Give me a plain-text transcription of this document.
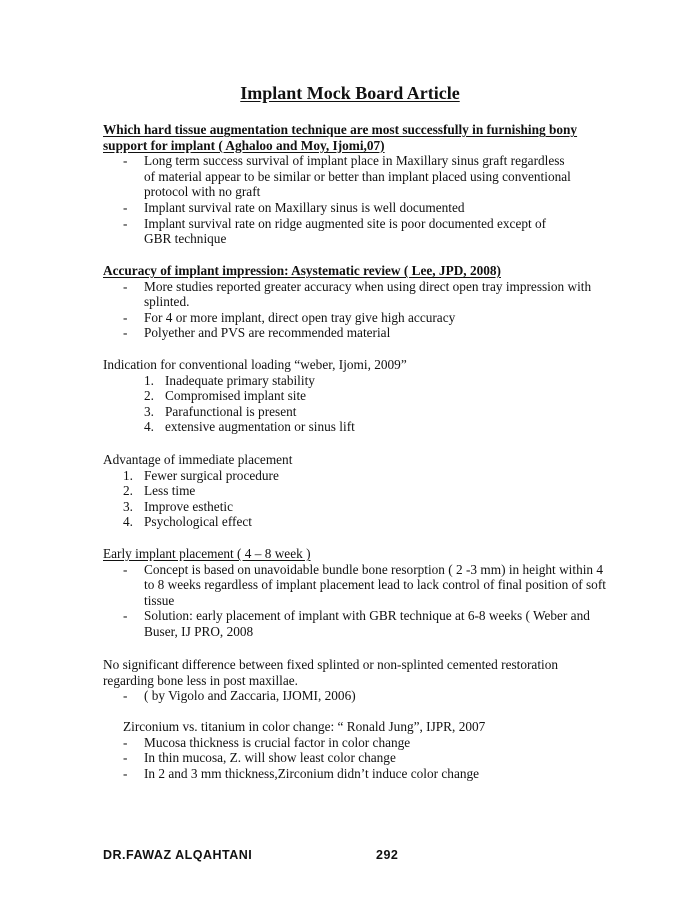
Implant Mock Board Article
Which hard tissue augmentation technique are most successfully in furnishing bony
support for implant ( Aghaloo and Moy, Ijomi,07)
- Long term success survival of implant place in Maxillary sinus graft regardless of material appear to be similar or better than implant placed using conventional protocol with no graft
- Implant survival rate on Maxillary sinus is well documented
- Implant survival rate on ridge augmented site is poor documented except of GBR technique
Accuracy of implant impression: Asystematic review ( Lee, JPD, 2008)
- More studies reported greater accuracy when using direct open tray impression with splinted.
- For 4 or more implant, direct open tray give high accuracy
- Polyether and PVS are recommended material
Indication for conventional loading “weber, Ijomi, 2009”
1. Inadequate primary stability
2. Compromised implant site
3. Parafunctional is present
4. extensive augmentation or sinus lift
Advantage of immediate placement
1. Fewer surgical procedure
2. Less time
3. Improve esthetic
4. Psychological effect
Early implant placement ( 4 – 8 week )
- Concept is based on unavoidable bundle bone resorption ( 2 -3 mm) in height within 4 to 8 weeks regardless of implant placement lead to lack control of final position of soft tissue
- Solution: early placement of implant with GBR technique at 6-8 weeks ( Weber and Buser, IJ PRO, 2008
No significant difference between fixed splinted or non-splinted cemented restoration regarding bone less in post maxillae.
- ( by Vigolo and Zaccaria, IJOMI, 2006)
Zirconium vs. titanium in color change: “ Ronald Jung”, IJPR, 2007
- Mucosa thickness is crucial factor in color change
- In thin mucosa, Z. will show least color change
- In 2 and 3 mm thickness,Zirconium didn’t induce color change
DR.FAWAZ ALQAHTANI	292
